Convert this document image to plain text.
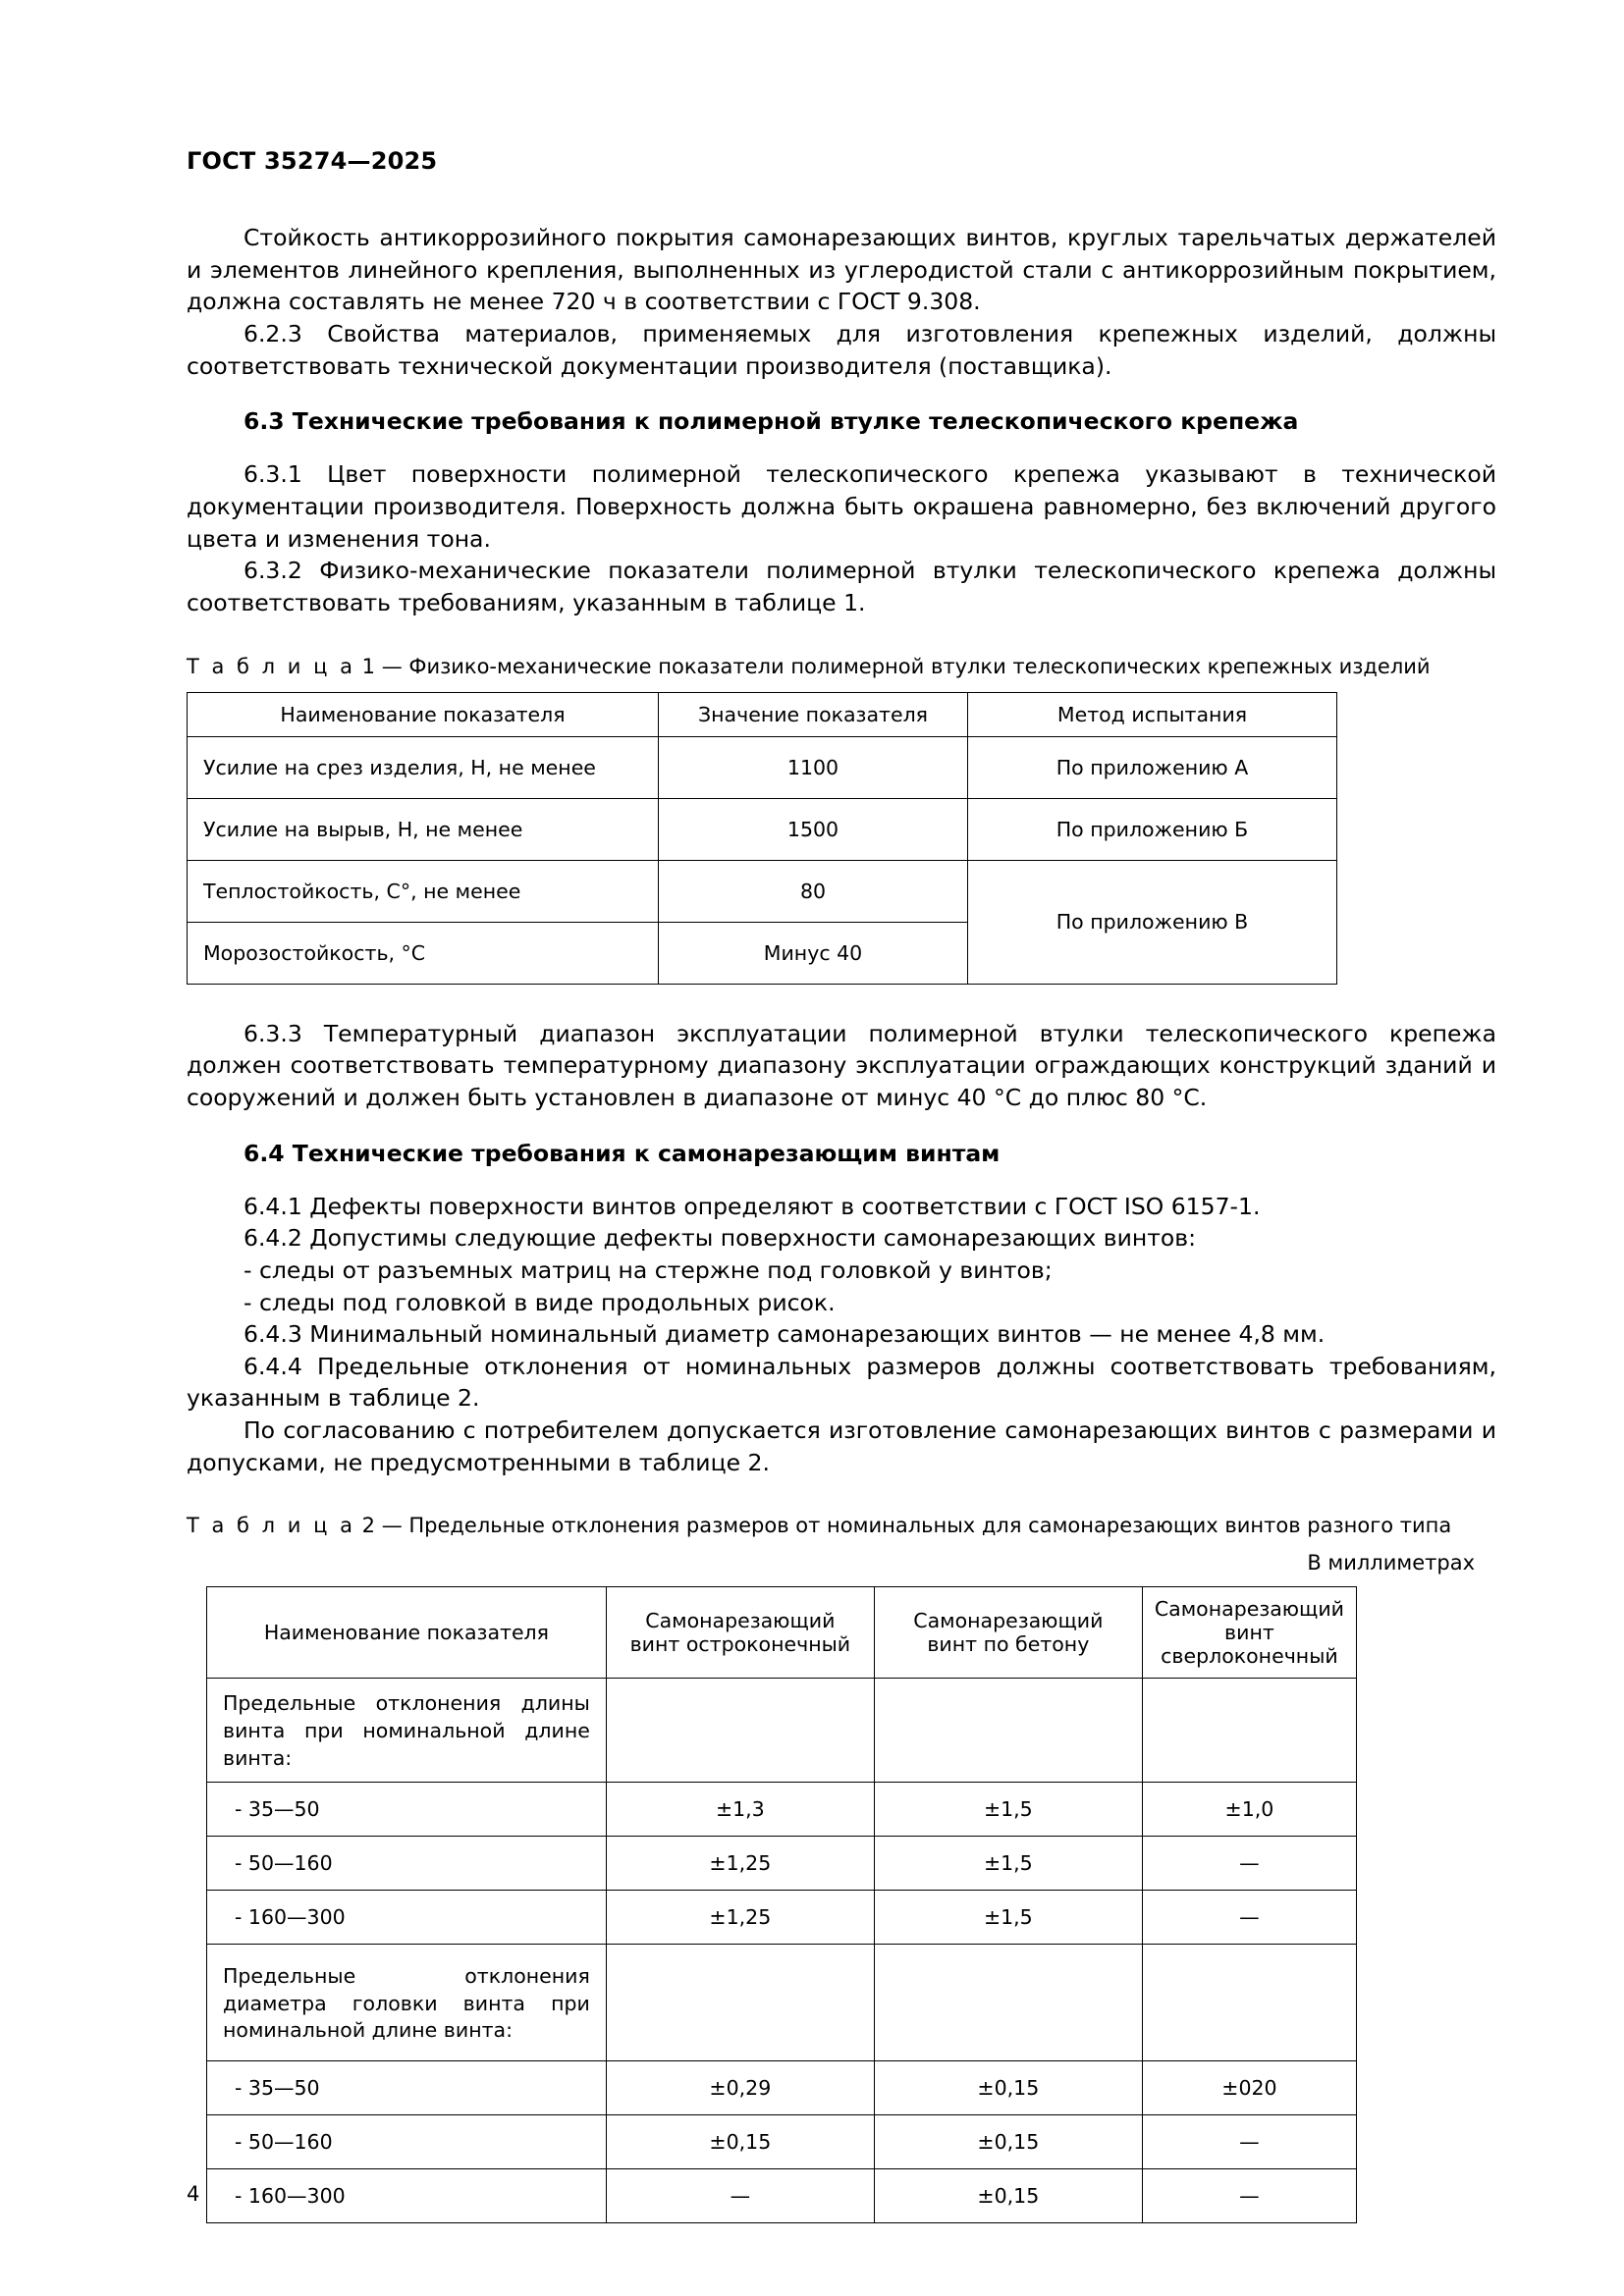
ГОСТ 35274—2025

Стойкость антикоррозийного покрытия самонарезающих винтов, круглых тарельчатых держателей и элементов линейного крепления, выполненных из углеродистой стали с антикоррозийным покрытием, должна составлять не менее 720 ч в соответствии с ГОСТ 9.308.

6.2.3 Свойства материалов, применяемых для изготовления крепежных изделий, должны соответствовать технической документации производителя (поставщика).

6.3 Технические требования к полимерной втулке телескопического крепежа

6.3.1 Цвет поверхности полимерной телескопического крепежа указывают в технической документации производителя. Поверхность должна быть окрашена равномерно, без включений другого цвета и изменения тона.

6.3.2 Физико-механические показатели полимерной втулки телескопического крепежа должны соответствовать требованиям, указанным в таблице 1.

Т а б л и ц а 1 — Физико-механические показатели полимерной втулки телескопических крепежных изделий
Наименование показателя	Значение показателя	Метод испытания
Усилие на срез изделия, Н, не менее	1100	По приложению А
Усилие на вырыв, Н, не менее	1500	По приложению Б
Теплостойкость, С°, не менее	80	По приложению В
Морозостойкость, °С	Минус 40	

6.3.3 Температурный диапазон эксплуатации полимерной втулки телескопического крепежа должен соответствовать температурному диапазону эксплуатации ограждающих конструкций зданий и сооружений и должен быть установлен в диапазоне от минус 40 °С до плюс 80 °С.

6.4 Технические требования к самонарезающим винтам

6.4.1 Дефекты поверхности винтов определяют в соответствии с ГОСТ ISO 6157-1.

6.4.2 Допустимы следующие дефекты поверхности самонарезающих винтов:

- следы от разъемных матриц на стержне под головкой у винтов;

- следы под головкой в виде продольных рисок.

6.4.3 Минимальный номинальный диаметр самонарезающих винтов — не менее 4,8 мм.

6.4.4 Предельные отклонения от номинальных размеров должны соответствовать требованиям, указанным в таблице 2.

По согласованию с потребителем допускается изготовление самонарезающих винтов с размерами и допусками, не предусмотренными в таблице 2.

Т а б л и ц а 2 — Предельные отклонения размеров от номинальных для самонарезающих винтов разного типа
В миллиметрах
Наименование показателя	Самонарезающий винт остроконечный	Самонарезающий винт по бетону	Самонарезающий винт сверлоконечный
Предельные отклонения длины винта при номинальной длине винта:			
- 35—50	±1,3	±1,5	±1,0
- 50—160	±1,25	±1,5	—
- 160—300	±1,25	±1,5	—
Предельные отклонения диаметра головки винта при номинальной длине винта:			
- 35—50	±0,29	±0,15	±020
- 50—160	±0,15	±0,15	—
- 160—300	—	±0,15	—
4
